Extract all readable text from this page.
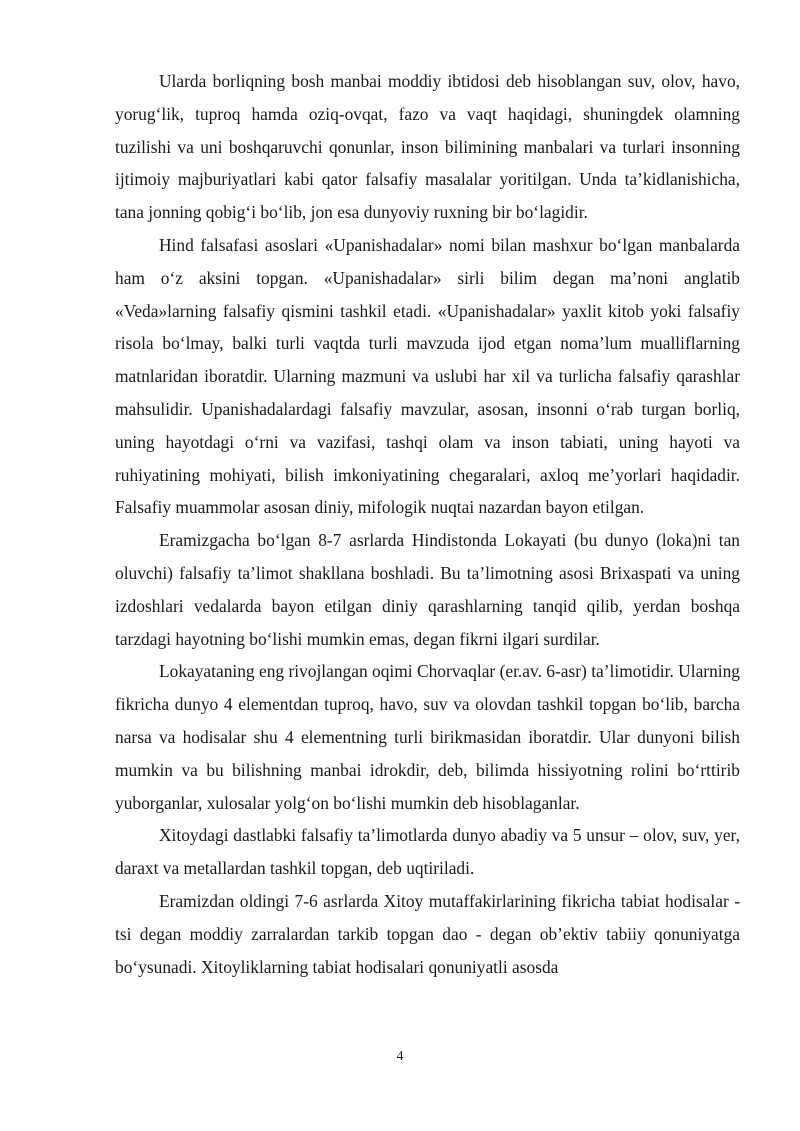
Ularda borliqning bosh manbai moddiy ibtidosi deb hisoblangan suv, olov, havo, yorug‘lik, tuproq hamda oziq-ovqat, fazo va vaqt haqidagi, shuningdek olamning tuzilishi va uni boshqaruvchi qonunlar, inson bilimining manbalari va turlari insonning ijtimoiy majburiyatlari kabi qator falsafiy masalalar yoritilgan. Unda ta’kidlanishicha, tana jonning qobig‘i bo‘lib, jon esa dunyoviy ruxning bir bo‘lagidir.

Hind falsafasi asoslari «Upanishadalar» nomi bilan mashxur bo‘lgan manbalarda ham o‘z aksini topgan. «Upanishadalar» sirli bilim degan ma’noni anglatib «Veda»larning falsafiy qismini tashkil etadi. «Upanishadalar» yaxlit kitob yoki falsafiy risola bo‘lmay, balki turli vaqtda turli mavzuda ijod etgan noma’lum mualliflarning matnlaridan iboratdir. Ularning mazmuni va uslubi har xil va turlicha falsafiy qarashlar mahsulidir. Upanishadalardagi falsafiy mavzular, asosan, insonni o‘rab turgan borliq, uning hayotdagi o‘rni va vazifasi, tashqi olam va inson tabiati, uning hayoti va ruhiyatining mohiyati, bilish imkoniyatining chegaralari, axloq me’yorlari haqidadir. Falsafiy muammolar asosan diniy, mifologik nuqtai nazardan bayon etilgan.

Eramizgacha bo‘lgan 8-7 asrlarda Hindistonda Lokayati (bu dunyo (loka)ni tan oluvchi) falsafiy ta’limot shakllana boshladi. Bu ta’limotning asosi Brixaspati va uning izdoshlari vedalarda bayon etilgan diniy qarashlarning tanqid qilib, yerdan boshqa tarzdagi hayotning bo‘lishi mumkin emas, degan fikrni ilgari surdilar.

Lokayataning eng rivojlangan oqimi Chorvaqlar (er.av. 6-asr) ta’limotidir. Ularning fikricha dunyo 4 elementdan tuproq, havo, suv va olovdan tashkil topgan bo‘lib, barcha narsa va hodisalar shu 4 elementning turli birikmasidan iboratdir. Ular dunyoni bilish mumkin va bu bilishning manbai idrokdir, deb, bilimda hissiyotning rolini bo‘rttirib yuborganlar, xulosalar yolg‘on bo‘lishi mumkin deb hisoblaganlar.

Xitoydagi dastlabki falsafiy ta’limotlarda dunyo abadiy va 5 unsur – olov, suv, yer, daraxt va metallardan tashkil topgan, deb uqtiriladi.

Eramizdan oldingi 7-6 asrlarda Xitoy mutaffakirlarining fikricha tabiat hodisalar -tsi degan moddiy zarralardan tarkib topgan dao - degan ob’ektiv tabiiy qonuniyatga bo‘ysunadi. Xitoyliklarning tabiat hodisalari qonuniyatli asosda

4
